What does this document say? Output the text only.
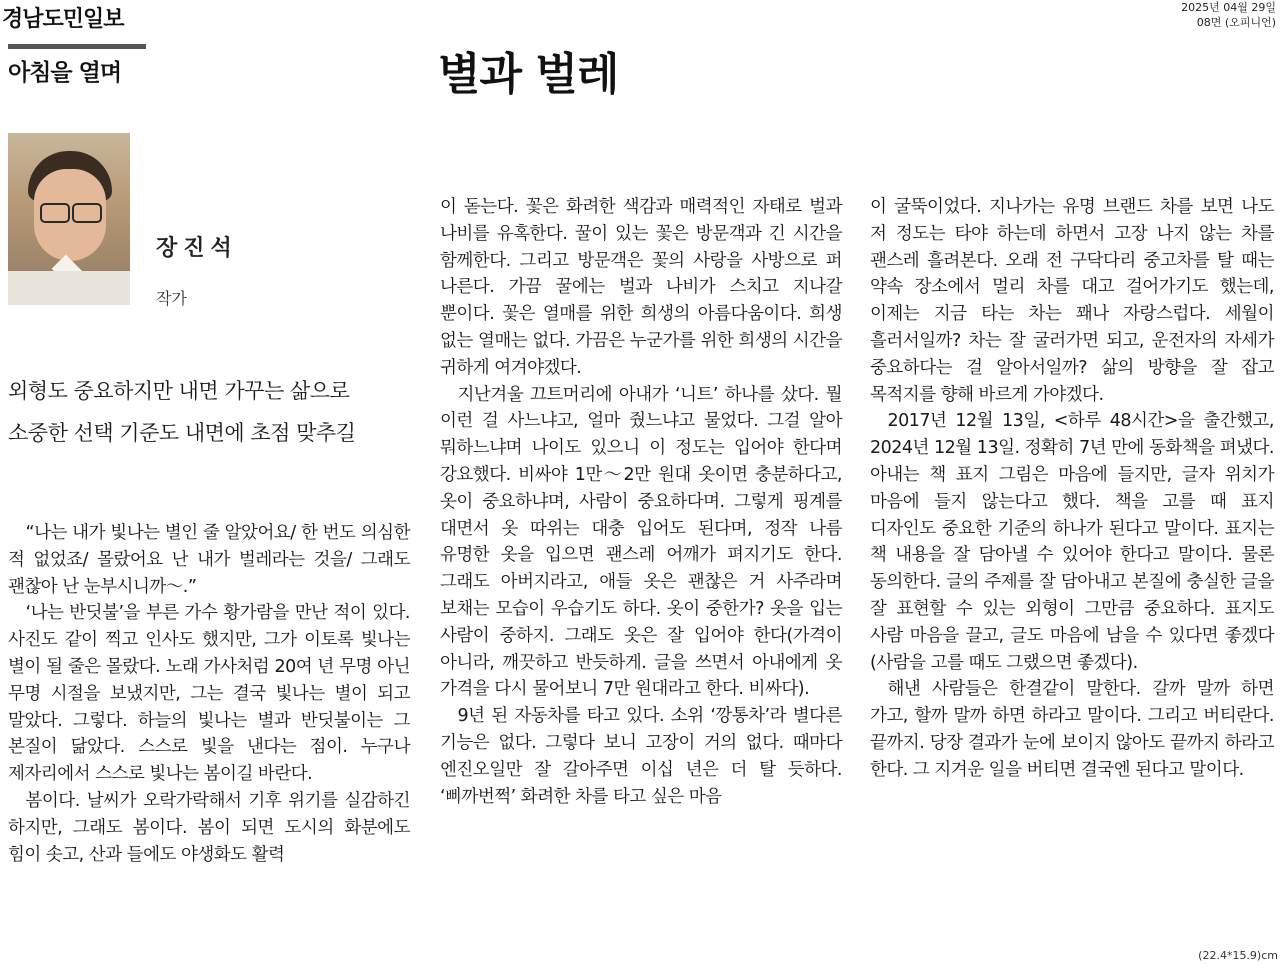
경남도민일보	2025년 04월 29일
08면 (오피니언)
아침을 열며	별과 벌레
장진석
작가
외형도 중요하지만 내면 가꾸는 삶으로
소중한 선택 기준도 내면에 초점 맞추길

“나는 내가 빛나는 별인 줄 알았어요/ 한 번도 의심한 적 없었죠/ 몰랐어요 난 내가 벌레라는 것을/ 그래도 괜찮아 난 눈부시니까～.”

‘나는 반딧불’을 부른 가수 황가람을 만난 적이 있다. 사진도 같이 찍고 인사도 했지만, 그가 이토록 빛나는 별이 될 줄은 몰랐다. 노래 가사처럼 20여 년 무명 아닌 무명 시절을 보냈지만, 그는 결국 빛나는 별이 되고 말았다. 그렇다. 하늘의 빛나는 별과 반딧불이는 그 본질이 닮았다. 스스로 빛을 낸다는 점이. 누구나 제자리에서 스스로 빛나는 봄이길 바란다.

봄이다. 날씨가 오락가락해서 기후 위기를 실감하긴 하지만, 그래도 봄이다. 봄이 되면 도시의 화분에도 힘이 솟고, 산과 들에도 야생화도 활력

이 돋는다. 꽃은 화려한 색감과 매력적인 자태로 벌과 나비를 유혹한다. 꿀이 있는 꽃은 방문객과 긴 시간을 함께한다. 그리고 방문객은 꽃의 사랑을 사방으로 퍼 나른다. 가끔 꿀에는 벌과 나비가 스치고 지나갈 뿐이다. 꽃은 열매를 위한 희생의 아름다움이다. 희생 없는 열매는 없다. 가끔은 누군가를 위한 희생의 시간을 귀하게 여겨야겠다.

지난겨울 끄트머리에 아내가 ‘니트’ 하나를 샀다. 뭘 이런 걸 사느냐고, 얼마 줬느냐고 물었다. 그걸 알아 뭐하느냐며 나이도 있으니 이 정도는 입어야 한다며 강요했다. 비싸야 1만～2만 원대 옷이면 충분하다고, 옷이 중요하냐며, 사람이 중요하다며. 그렇게 핑계를 대면서 옷 따위는 대충 입어도 된다며, 정작 나름 유명한 옷을 입으면 괜스레 어깨가 펴지기도 한다. 그래도 아버지라고, 애들 옷은 괜찮은 거 사주라며 보채는 모습이 우습기도 하다. 옷이 중한가? 옷을 입는 사람이 중하지. 그래도 옷은 잘 입어야 한다(가격이 아니라, 깨끗하고 반듯하게. 글을 쓰면서 아내에게 옷 가격을 다시 물어보니 7만 원대라고 한다. 비싸다).

9년 된 자동차를 타고 있다. 소위 ‘깡통차’라 별다른 기능은 없다. 그렇다 보니 고장이 거의 없다. 때마다 엔진오일만 잘 갈아주면 이십 년은 더 탈 듯하다. ‘삐까번쩍’ 화려한 차를 타고 싶은 마음

이 굴뚝이었다. 지나가는 유명 브랜드 차를 보면 나도 저 정도는 타야 하는데 하면서 고장 나지 않는 차를 괜스레 흘려본다. 오래 전 구닥다리 중고차를 탈 때는 약속 장소에서 멀리 차를 대고 걸어가기도 했는데, 이제는 지금 타는 차는 꽤나 자랑스럽다. 세월이 흘러서일까? 차는 잘 굴러가면 되고, 운전자의 자세가 중요하다는 걸 알아서일까? 삶의 방향을 잘 잡고 목적지를 향해 바르게 가야겠다.

2017년 12월 13일, <하루 48시간>을 출간했고, 2024년 12월 13일. 정확히 7년 만에 동화책을 펴냈다. 아내는 책 표지 그림은 마음에 들지만, 글자 위치가 마음에 들지 않는다고 했다. 책을 고를 때 표지 디자인도 중요한 기준의 하나가 된다고 말이다. 표지는 책 내용을 잘 담아낼 수 있어야 한다고 말이다. 물론 동의한다. 글의 주제를 잘 담아내고 본질에 충실한 글을 잘 표현할 수 있는 외형이 그만큼 중요하다. 표지도 사람 마음을 끌고, 글도 마음에 남을 수 있다면 좋겠다(사람을 고를 때도 그랬으면 좋겠다).

해낸 사람들은 한결같이 말한다. 갈까 말까 하면 가고, 할까 말까 하면 하라고 말이다. 그리고 버티란다. 끝까지. 당장 결과가 눈에 보이지 않아도 끝까지 하라고 한다. 그 지겨운 일을 버티면 결국엔 된다고 말이다.

(22.4*15.9)cm
